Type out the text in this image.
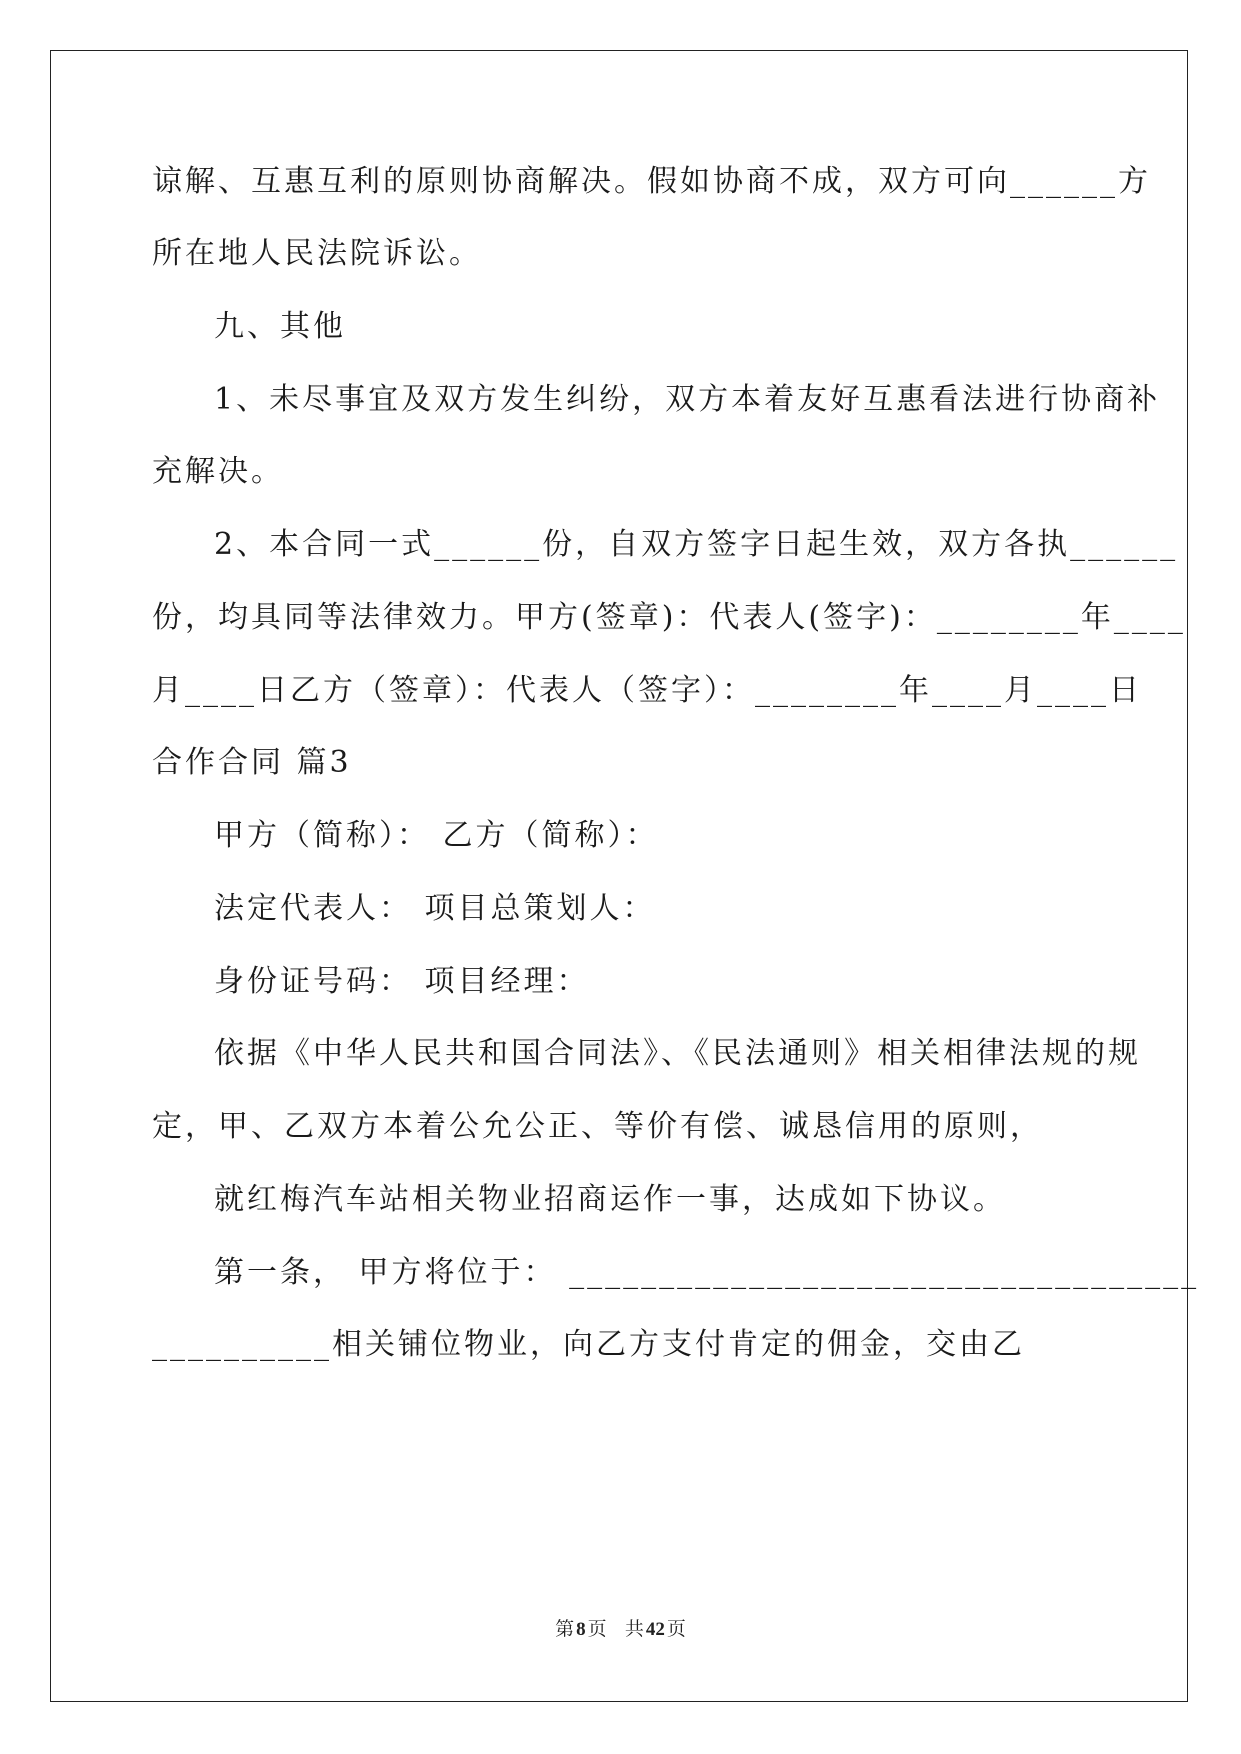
谅解、互惠互利的原则协商解决。假如协商不成，双方可向______方
所在地人民法院诉讼。
九、其他
1、未尽事宜及双方发生纠纷，双方本着友好互惠看法进行协商补
充解决。
2、本合同一式______份，自双方签字日起生效，双方各执______
份，均具同等法律效力。甲方(签章)：代表人(签字)：________年____
月____日乙方（签章）：代表人（签字）：________年____月____日
合作合同 篇3
甲方（简称）： 乙方（简称）：
法定代表人： 项目总策划人：
身份证号码： 项目经理：
依据《中华人民共和国合同法》、《民法通则》相关相律法规的规
定，甲、乙双方本着公允公正、等价有偿、诚恳信用的原则，
就红梅汽车站相关物业招商运作一事，达成如下协议。
第一条， 甲方将位于： ___________________________________
__________相关铺位物业，向乙方支付肯定的佣金，交由乙
第 8 页 共 42 页
